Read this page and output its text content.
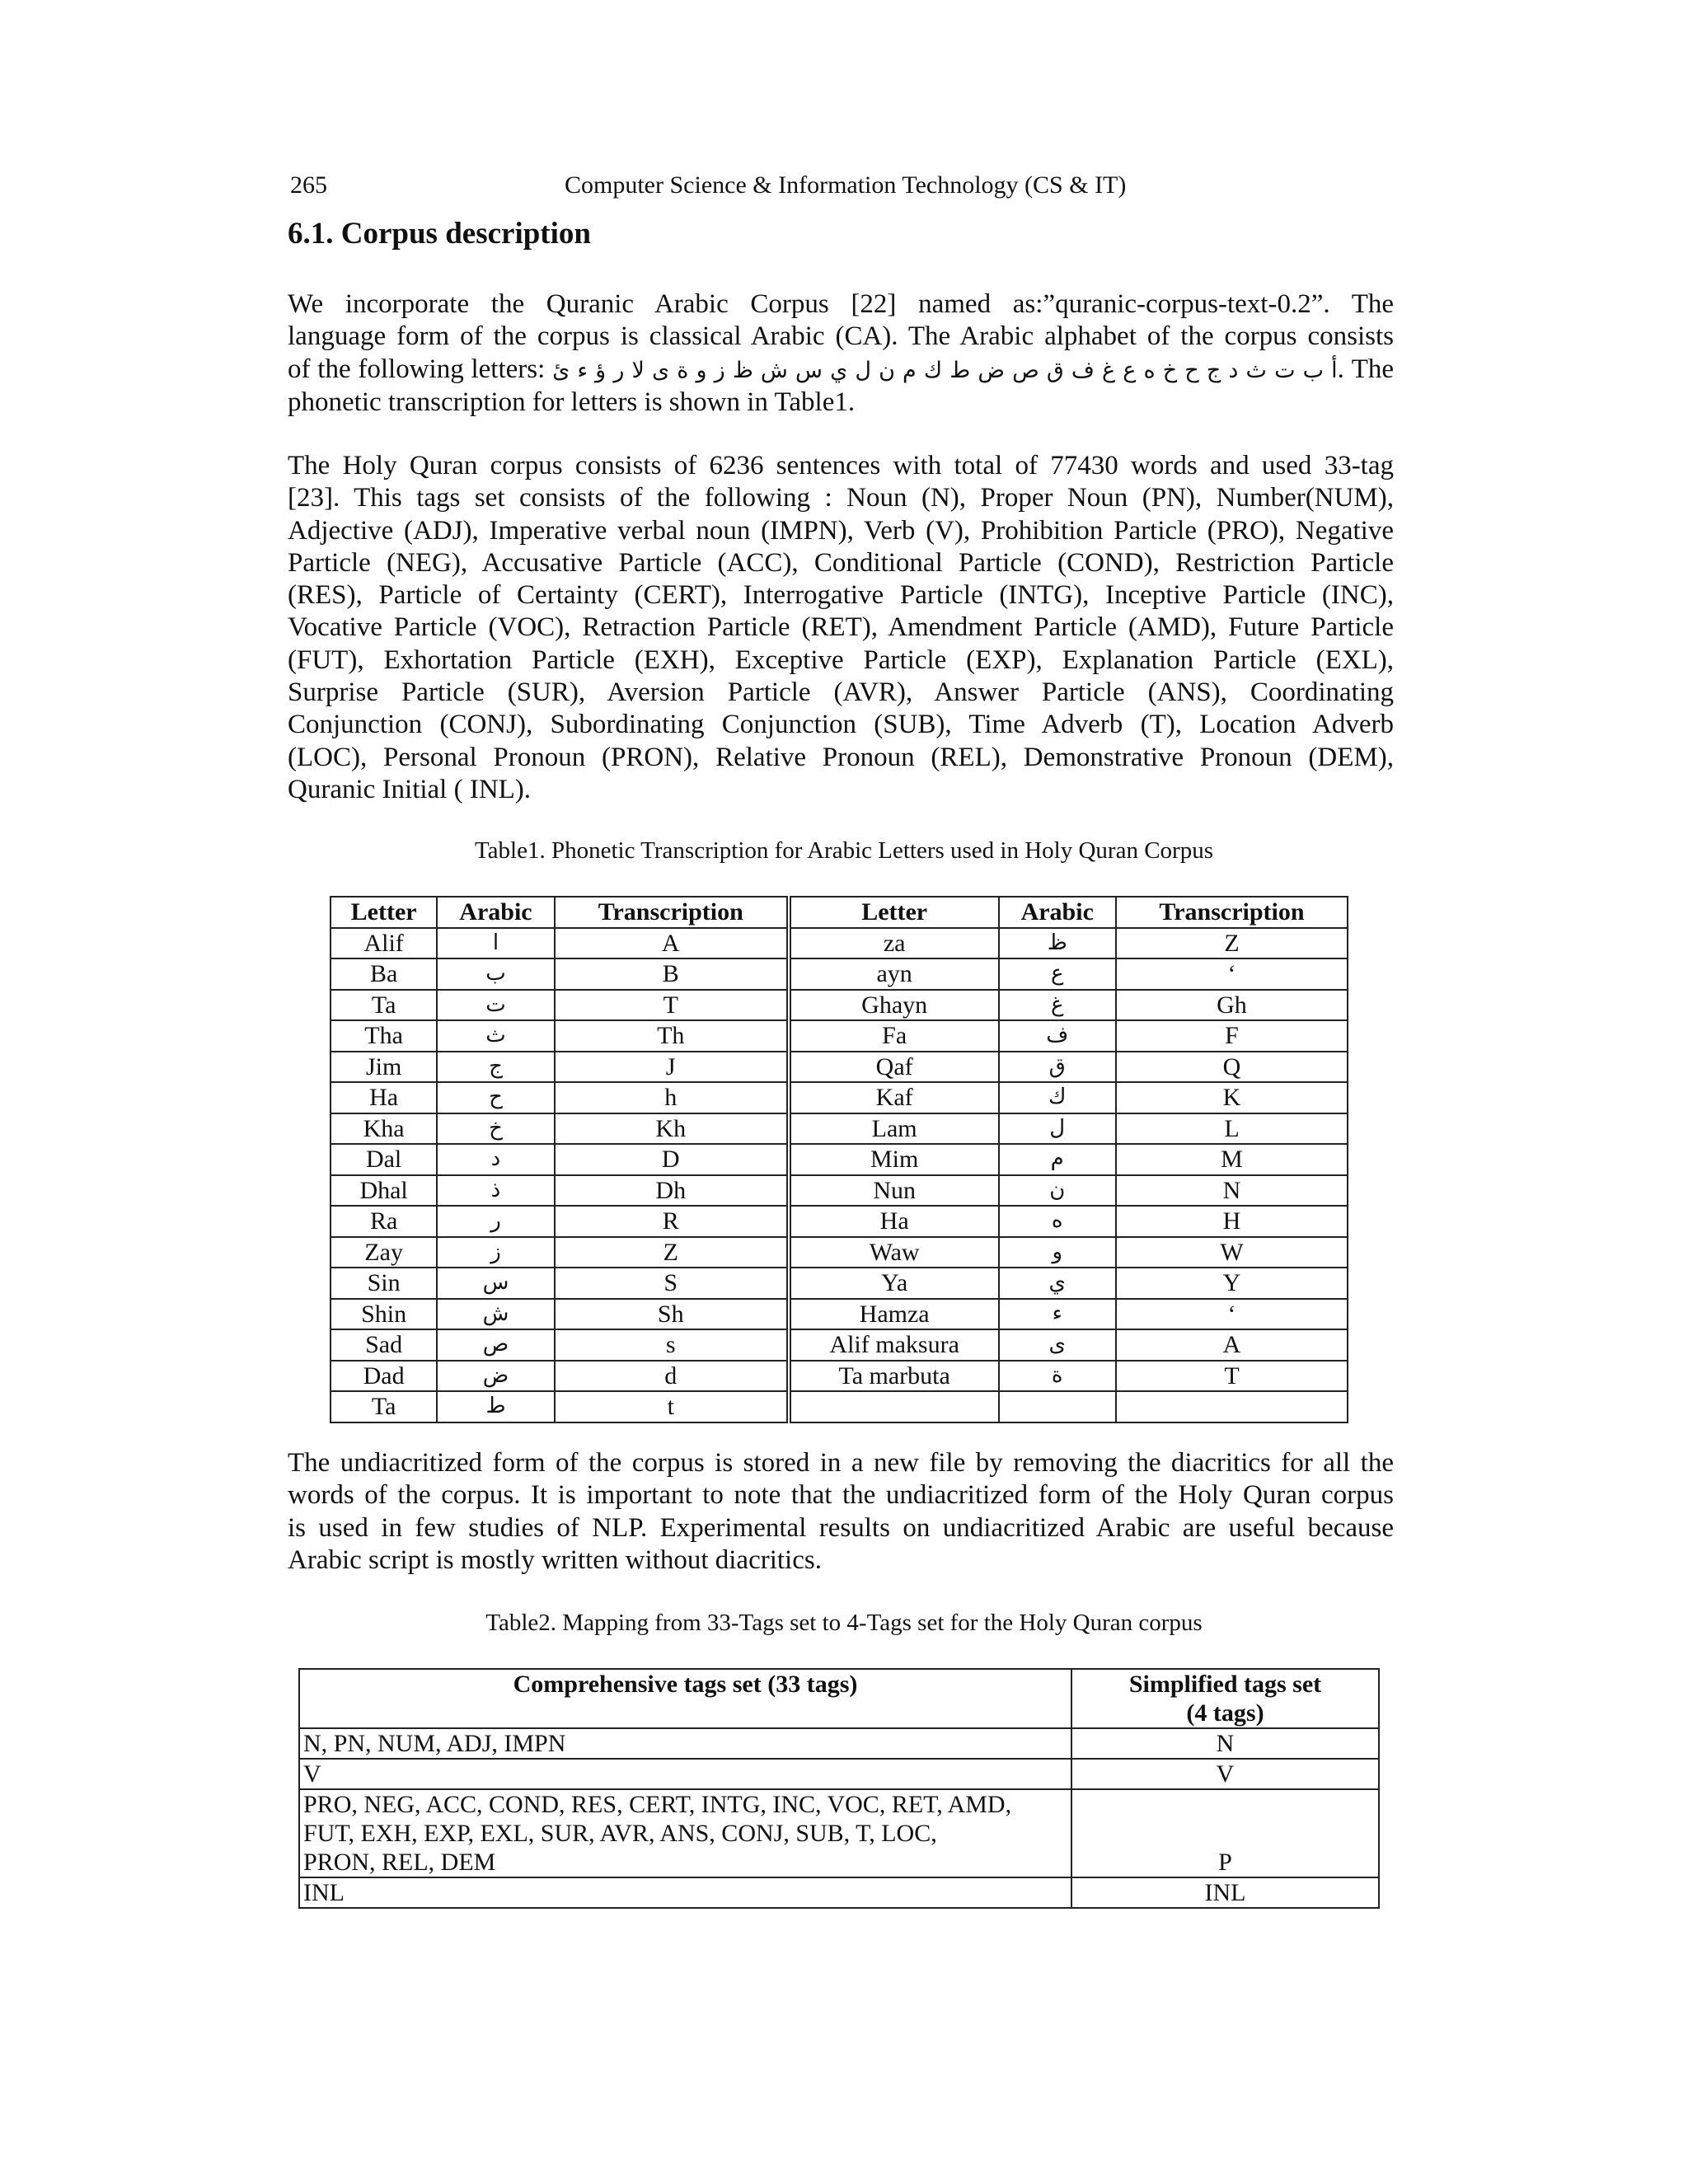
265	Computer Science & Information Technology (CS & IT)
6.1. Corpus description
We incorporate the Quranic Arabic Corpus [22] named as:”quranic-corpus-text-0.2”. The
language form of the corpus is classical Arabic (CA). The Arabic alphabet of the corpus consists
of the following letters: أ ب ت ث د ج ح خ ه ع غ ف ق ص ض ط ك م ن ل ي س ش ظ ز و ة ى لا ر ؤ ء ئ. The
phonetic transcription for letters is shown in Table1.
The Holy Quran corpus consists of 6236 sentences with total of 77430 words and used 33-tag
[23]. This tags set consists of the following : Noun (N), Proper Noun (PN), Number(NUM),
Adjective (ADJ), Imperative verbal noun (IMPN), Verb (V), Prohibition Particle (PRO), Negative
Particle (NEG), Accusative Particle (ACC), Conditional Particle (COND), Restriction Particle
(RES), Particle of Certainty (CERT), Interrogative Particle (INTG), Inceptive Particle (INC),
Vocative Particle (VOC), Retraction Particle (RET), Amendment Particle (AMD), Future Particle
(FUT), Exhortation Particle (EXH), Exceptive Particle (EXP), Explanation Particle (EXL),
Surprise Particle (SUR), Aversion Particle (AVR), Answer Particle (ANS), Coordinating
Conjunction (CONJ), Subordinating Conjunction (SUB), Time Adverb (T), Location Adverb
(LOC), Personal Pronoun (PRON), Relative Pronoun (REL), Demonstrative Pronoun (DEM),
Quranic Initial ( INL).
Table1. Phonetic Transcription for Arabic Letters used in Holy Quran Corpus
Letter	Arabic	Transcription	Letter	Arabic	Transcription
Alif	ا	A	za	ظ	Z
Ba	ب	B	ayn	ع	‘
Ta	ت	T	Ghayn	غ	Gh
Tha	ث	Th	Fa	ف	F
Jim	ج	J	Qaf	ق	Q
Ha	ح	h	Kaf	ك	K
Kha	خ	Kh	Lam	ل	L
Dal	د	D	Mim	م	M
Dhal	ذ	Dh	Nun	ن	N
Ra	ر	R	Ha	ه	H
Zay	ز	Z	Waw	و	W
Sin	س	S	Ya	ي	Y
Shin	ش	Sh	Hamza	ء	‘
Sad	ص	s	Alif maksura	ى	A
Dad	ض	d	Ta marbuta	ة	T
Ta	ط	t			
The undiacritized form of the corpus is stored in a new file by removing the diacritics for all the
words of the corpus. It is important to note that the undiacritized form of the Holy Quran corpus
is used in few studies of NLP. Experimental results on undiacritized Arabic are useful because
Arabic script is mostly written without diacritics.
Table2. Mapping from 33-Tags set to 4-Tags set for the Holy Quran corpus
Comprehensive tags set (33 tags)	Simplified tags set
(4 tags)

N, PN, NUM, ADJ, IMPN	N

V	V

PRO, NEG, ACC, COND, RES, CERT, INTG, INC, VOC, RET, AMD,
FUT, EXH, EXP, EXL, SUR, AVR, ANS, CONJ, SUB, T, LOC,
PRON, REL, DEM	P

INL	INL
